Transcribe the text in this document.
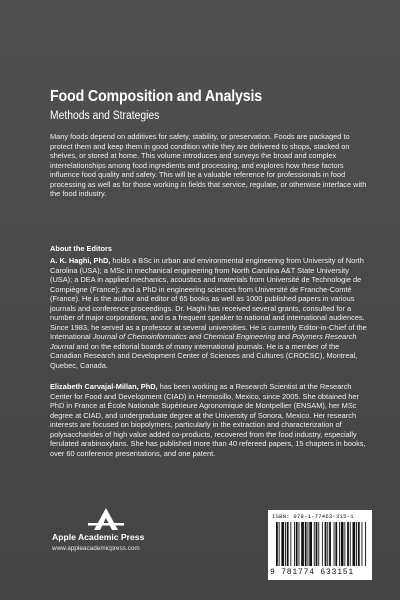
Food Composition and Analysis
Methods and Strategies

Many foods depend on additives for safety, stability, or preservation. Foods are packaged to protect them and keep them in good condition while they are delivered to shops, stacked on shelves, or stored at home. This volume introduces and surveys the broad and complex interrelationships among food ingredients and processing, and explores how these factors influence food quality and safety. This will be a valuable reference for professionals in food processing as well as for those working in fields that service, regulate, or otherwise interface with the food industry.

About the Editors

A. K. Haghi, PhD, holds a BSc in urban and environmental engineering from University of North Carolina (USA); a MSc in mechanical engineering from North Carolina A&T State University (USA); a DEA in applied mechanics, acoustics and materials from Université de Technologie de Compiègne (France); and a PhD in engineering sciences from Université de Franche-Comté (France). He is the author and editor of 65 books as well as 1000 published papers in various journals and conference proceedings. Dr. Haghi has received several grants, consulted for a number of major corporations, and is a frequent speaker to national and international audiences. Since 1983, he served as a professor at several universities. He is currently Editor-in-Chief of the International Journal of Chemoinformatics and Chemical Engineering and Polymers Research Journal and on the editorial boards of many international journals. He is a member of the Canadian Research and Development Center of Sciences and Cultures (CRDCSC), Montreal, Quebec, Canada.

Elizabeth Carvajal-Millan, PhD, has been working as a Research Scientist at the Research Center for Food and Development (CIAD) in Hermosillo, Mexico, since 2005. She obtained her PhD in France at École Nationale Supérieure Agronomique de Montpellier (ENSAM), her MSc degree at CIAD, and undergraduate degree at the University of Sonora, Mexico. Her research interests are focused on biopolymers, particularly in the extraction and characterization of polysaccharides of high value added co-products, recovered from the food industry, especially ferulated arabinoxylans. She has published more than 40 refereed papers, 15 chapters in books, over 60 conference presentations, and one patent.

Apple Academic Press
www.appleacademicpress.com
ISBN: 978-1-77463-315-1
9 781774 633151
